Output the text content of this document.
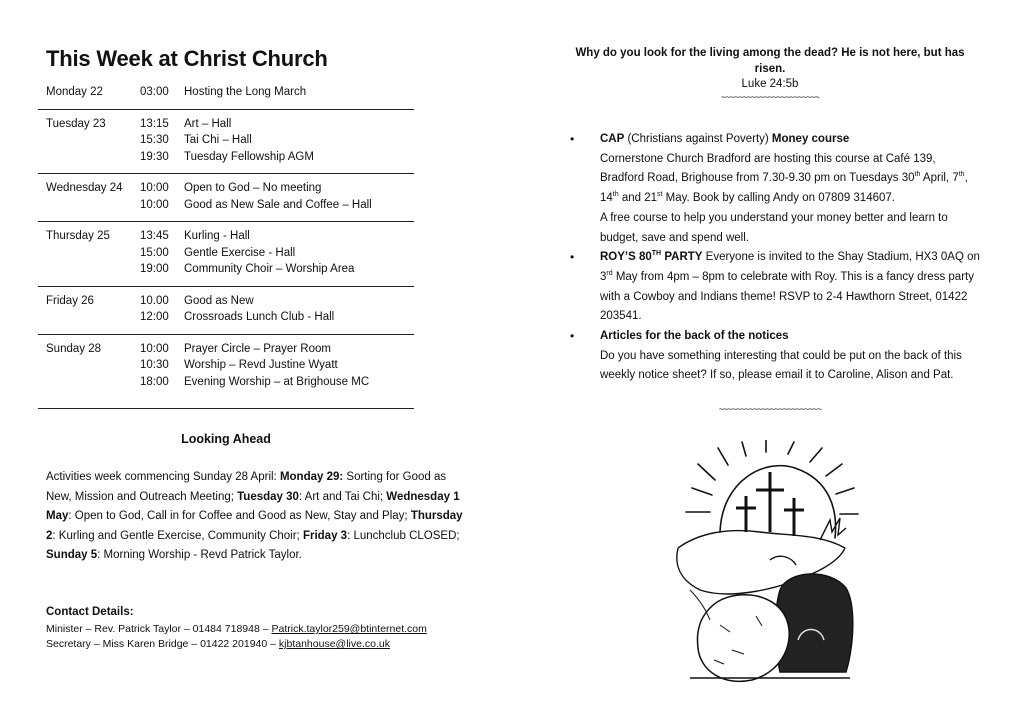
This Week at Christ Church
Monday 22	03:00	Hosting the Long March
Tuesday 23	13:15	Art – Hall
15:30	Tai Chi – Hall
19:30	Tuesday Fellowship AGM
Wednesday 24	10:00	Open to God – No meeting
10:00	Good as New Sale and Coffee – Hall
Thursday 25	13:45	Kurling - Hall
15:00	Gentle Exercise - Hall
19:00	Community Choir – Worship Area
Friday 26	10.00	Good as New
12:00	Crossroads Lunch Club - Hall
Sunday 28	10:00	Prayer Circle – Prayer Room
10:30	Worship – Revd Justine Wyatt
18:00	Evening Worship – at Brighouse MC
Looking Ahead
Activities week commencing Sunday 28 April: Monday 29: Sorting for Good as New, Mission and Outreach Meeting; Tuesday 30: Art and Tai Chi; Wednesday 1 May: Open to God, Call in for Coffee and Good as New, Stay and Play; Thursday 2: Kurling and Gentle Exercise, Community Choir; Friday 3: Lunchclub CLOSED; Sunday 5: Morning Worship - Revd Patrick Taylor.
Contact Details:
Minister – Rev. Patrick Taylor – 01484 718948 – Patrick.taylor259@btinternet.com
Secretary – Miss Karen Bridge – 01422 201940 – kjbtanhouse@live.co.uk
Why do you look for the living among the dead? He is not here, but has risen.
Luke 24:5b
~~~~~~~~~~~~~~~~~~~~~~~
•	CAP (Christians against Poverty) Money course
Cornerstone Church Bradford are hosting this course at Café 139, Bradford Road, Brighouse from 7.30-9.30 pm on Tuesdays 30th April, 7th, 14th and 21st May. Book by calling Andy on 07809 314607.
A free course to help you understand your money better and learn to budget, save and spend well.
•	ROY’S 80TH PARTY Everyone is invited to the Shay Stadium, HX3 0AQ on 3rd May from 4pm – 8pm to celebrate with Roy. This is a fancy dress party with a Cowboy and Indians theme! RSVP to 2-4 Hawthorn Street, 01422 203541.
•	Articles for the back of the notices
Do you have something interesting that could be put on the back of this weekly notice sheet? If so, please email it to Caroline, Alison and Pat.
~~~~~~~~~~~~~~~~~~~~~~~~
